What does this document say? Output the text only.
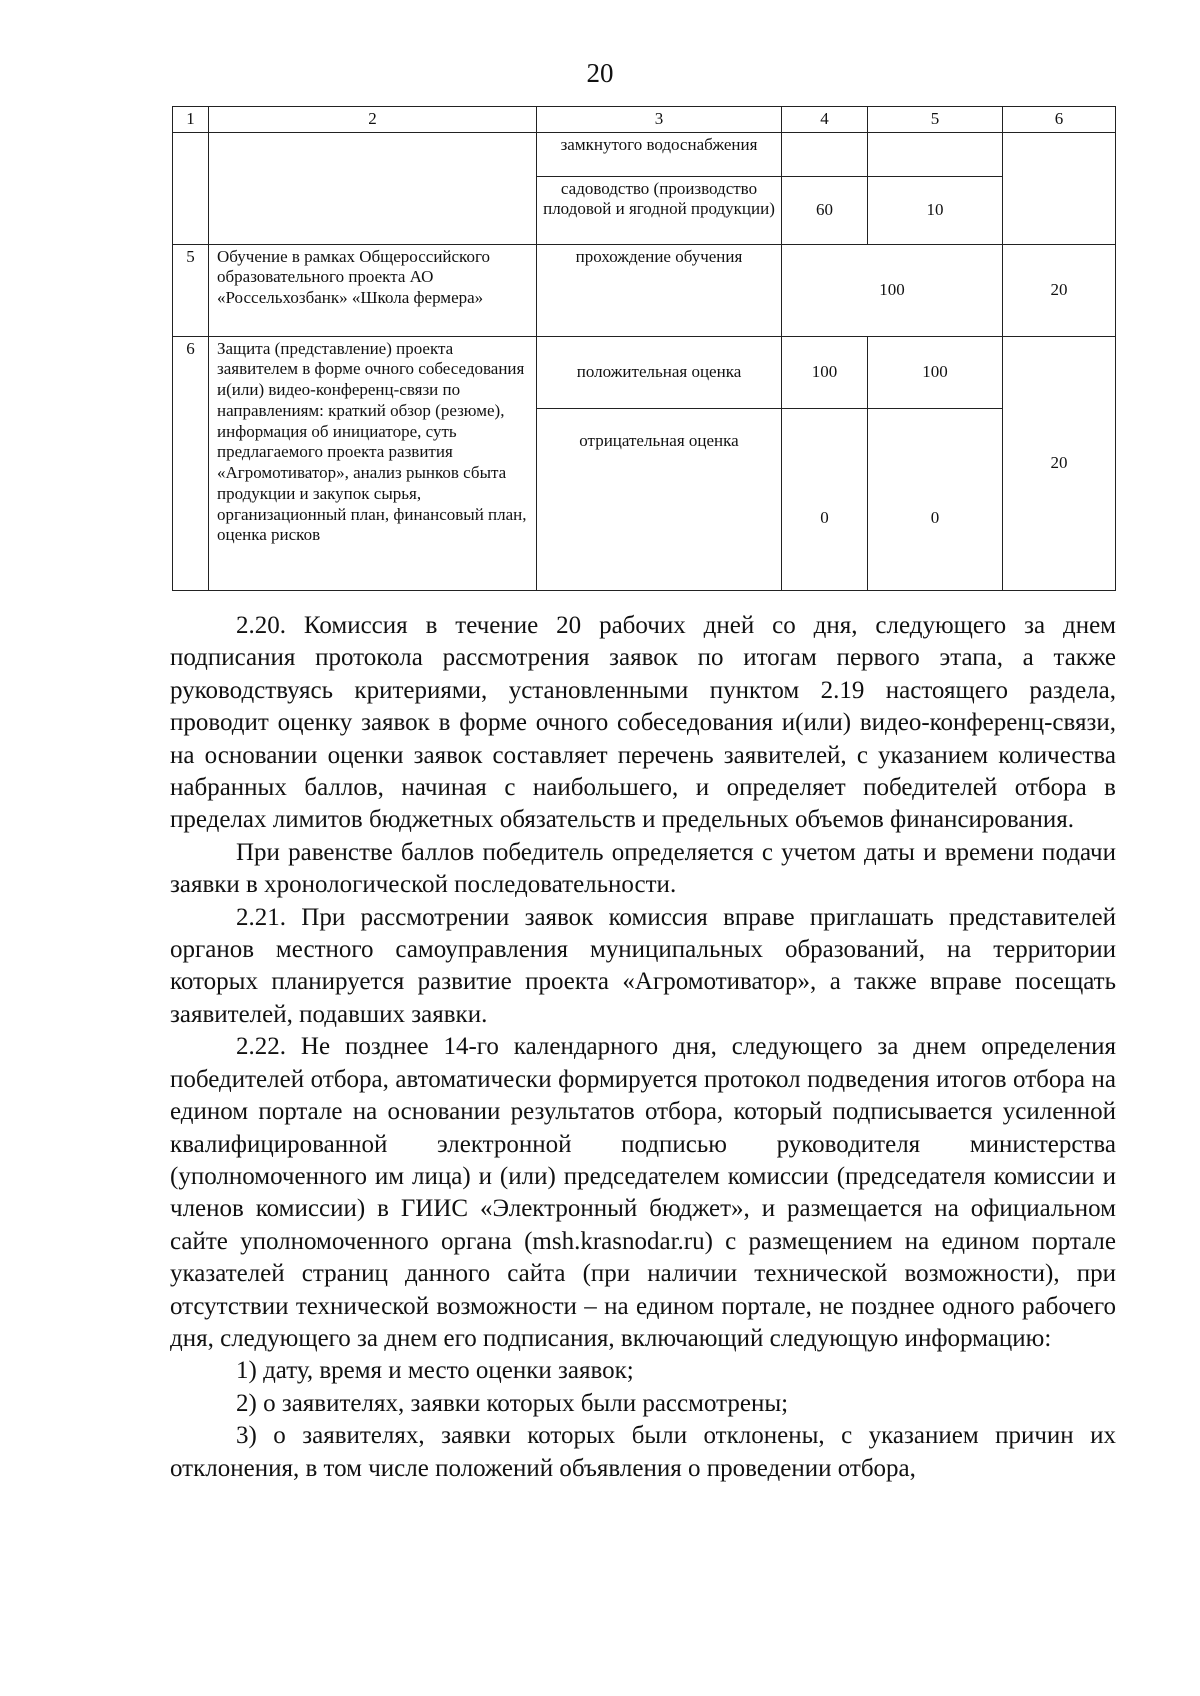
20
1	2	3	4	5	6
		замкнутого водоснабжения			
		садоводство (производство плодовой и ягодной продукции)	60	10	
5	Обучение в рамках Общероссийского образовательного проекта АО «Россельхозбанк» «Школа фермера»	прохождение обучения	100		20
6	Защита (представление) проекта заявителем в форме очного собеседования и(или) видео-конференц-связи по направлениям: краткий обзор (резюме), информация об инициаторе, суть предлагаемого проекта развития «Агромотиватор», анализ рынков сбыта продукции и закупок сырья, организационный план, финансовый план, оценка рисков	положительная оценка	100	100	20
		отрицательная оценка	0	0	

2.20. Комиссия в течение 20 рабочих дней со дня, следующего за днем подписания протокола рассмотрения заявок по итогам первого этапа, а также руководствуясь критериями, установленными пунктом 2.19 настоящего раздела, проводит оценку заявок в форме очного собеседования и(или) видео-конференц-связи, на основании оценки заявок составляет перечень заявителей, с указанием количества набранных баллов, начиная с наибольшего, и определяет победителей отбора в пределах лимитов бюджетных обязательств и предельных объемов финансирования.

При равенстве баллов победитель определяется с учетом даты и времени подачи заявки в хронологической последовательности.

2.21. При рассмотрении заявок комиссия вправе приглашать представителей органов местного самоуправления муниципальных образований, на территории которых планируется развитие проекта «Агромотиватор», а также вправе посещать заявителей, подавших заявки.

2.22. Не позднее 14-го календарного дня, следующего за днем определения победителей отбора, автоматически формируется протокол подведения итогов отбора на едином портале на основании результатов отбора, который подписывается усиленной квалифицированной электронной подписью руководителя министерства (уполномоченного им лица) и (или) председателем комиссии (председателя комиссии и членов комиссии) в ГИИС «Электронный бюджет», и размещается на официальном сайте уполномоченного органа (msh.krasnodar.ru) с размещением на едином портале указателей страниц данного сайта (при наличии технической возможности), при отсутствии технической возможности – на едином портале, не позднее одного рабочего дня, следующего за днем его подписания, включающий следующую информацию:

1) дату, время и место оценки заявок;

2) о заявителях, заявки которых были рассмотрены;

3) о заявителях, заявки которых были отклонены, с указанием причин их отклонения, в том числе положений объявления о проведении отбора,
